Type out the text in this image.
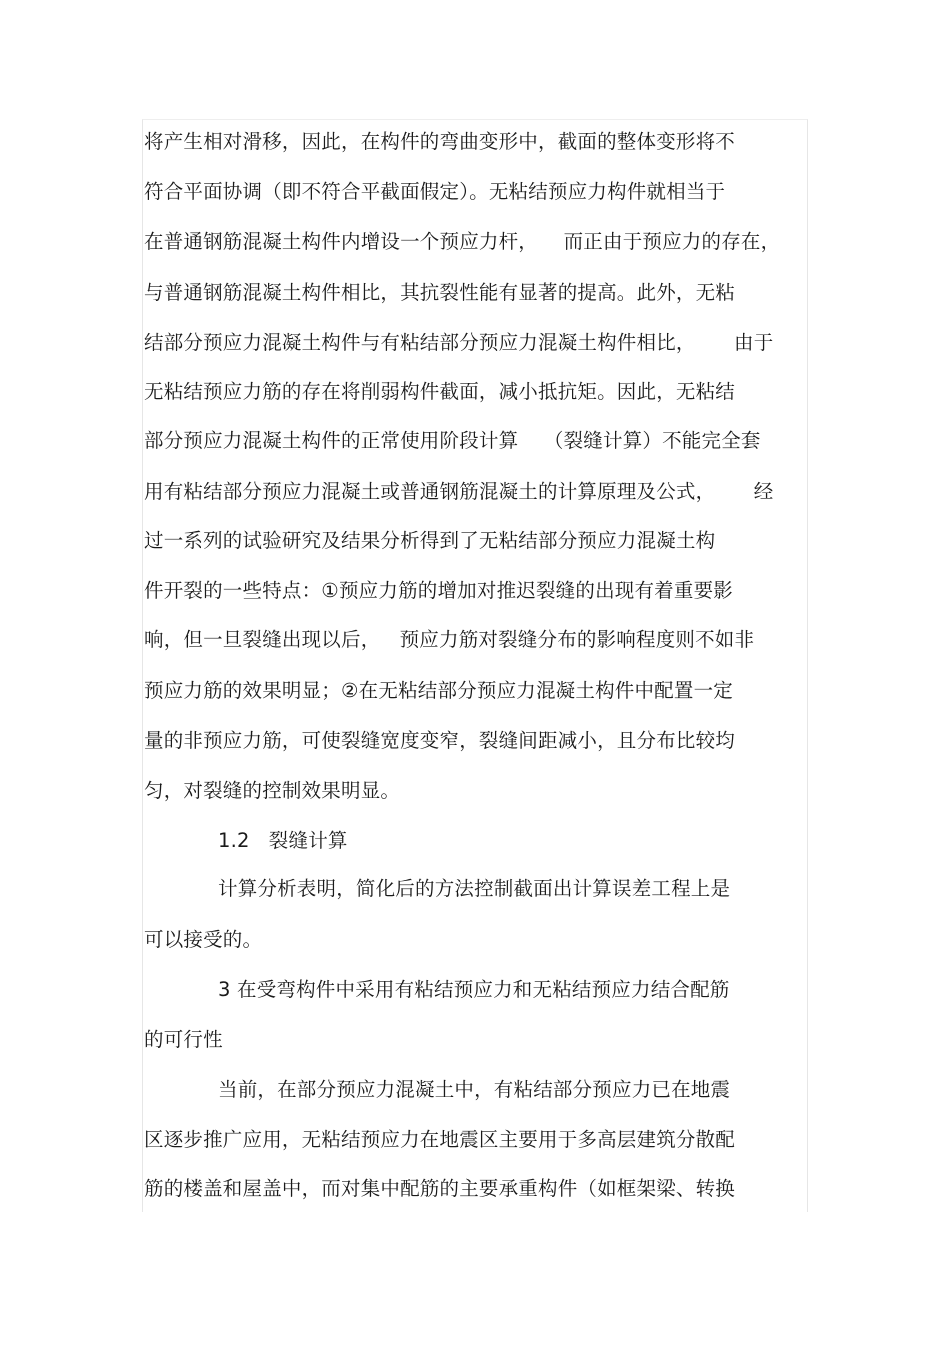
将产生相对滑移，因此，在构件的弯曲变形中，截面的整体变形将不
符合平面协调（即不符合平截面假定）。无粘结预应力构件就相当于
在普通钢筋混凝土构件内增设一个预应力杆，    而正由于预应力的存在，
与普通钢筋混凝土构件相比，其抗裂性能有显著的提高。此外，无粘
结部分预应力混凝土构件与有粘结部分预应力混凝土构件相比，      由于
无粘结预应力筋的存在将削弱构件截面，减小抵抗矩。因此，无粘结
部分预应力混凝土构件的正常使用阶段计算    （裂缝计算）不能完全套
用有粘结部分预应力混凝土或普通钢筋混凝土的计算原理及公式，      经
过一系列的试验研究及结果分析得到了无粘结部分预应力混凝土构
件开裂的一些特点：①预应力筋的增加对推迟裂缝的出现有着重要影
响，但一旦裂缝出现以后，   预应力筋对裂缝分布的影响程度则不如非
预应力筋的效果明显；②在无粘结部分预应力混凝土构件中配置一定
量的非预应力筋，可使裂缝宽度变窄，裂缝间距减小，且分布比较均
匀，对裂缝的控制效果明显。
1.2   裂缝计算
计算分析表明，简化后的方法控制截面出计算误差工程上是
可以接受的。
3 在受弯构件中采用有粘结预应力和无粘结预应力结合配筋
的可行性
当前，在部分预应力混凝土中，有粘结部分预应力已在地震
区逐步推广应用，无粘结预应力在地震区主要用于多高层建筑分散配
筋的楼盖和屋盖中，而对集中配筋的主要承重构件（如框架梁、转换
